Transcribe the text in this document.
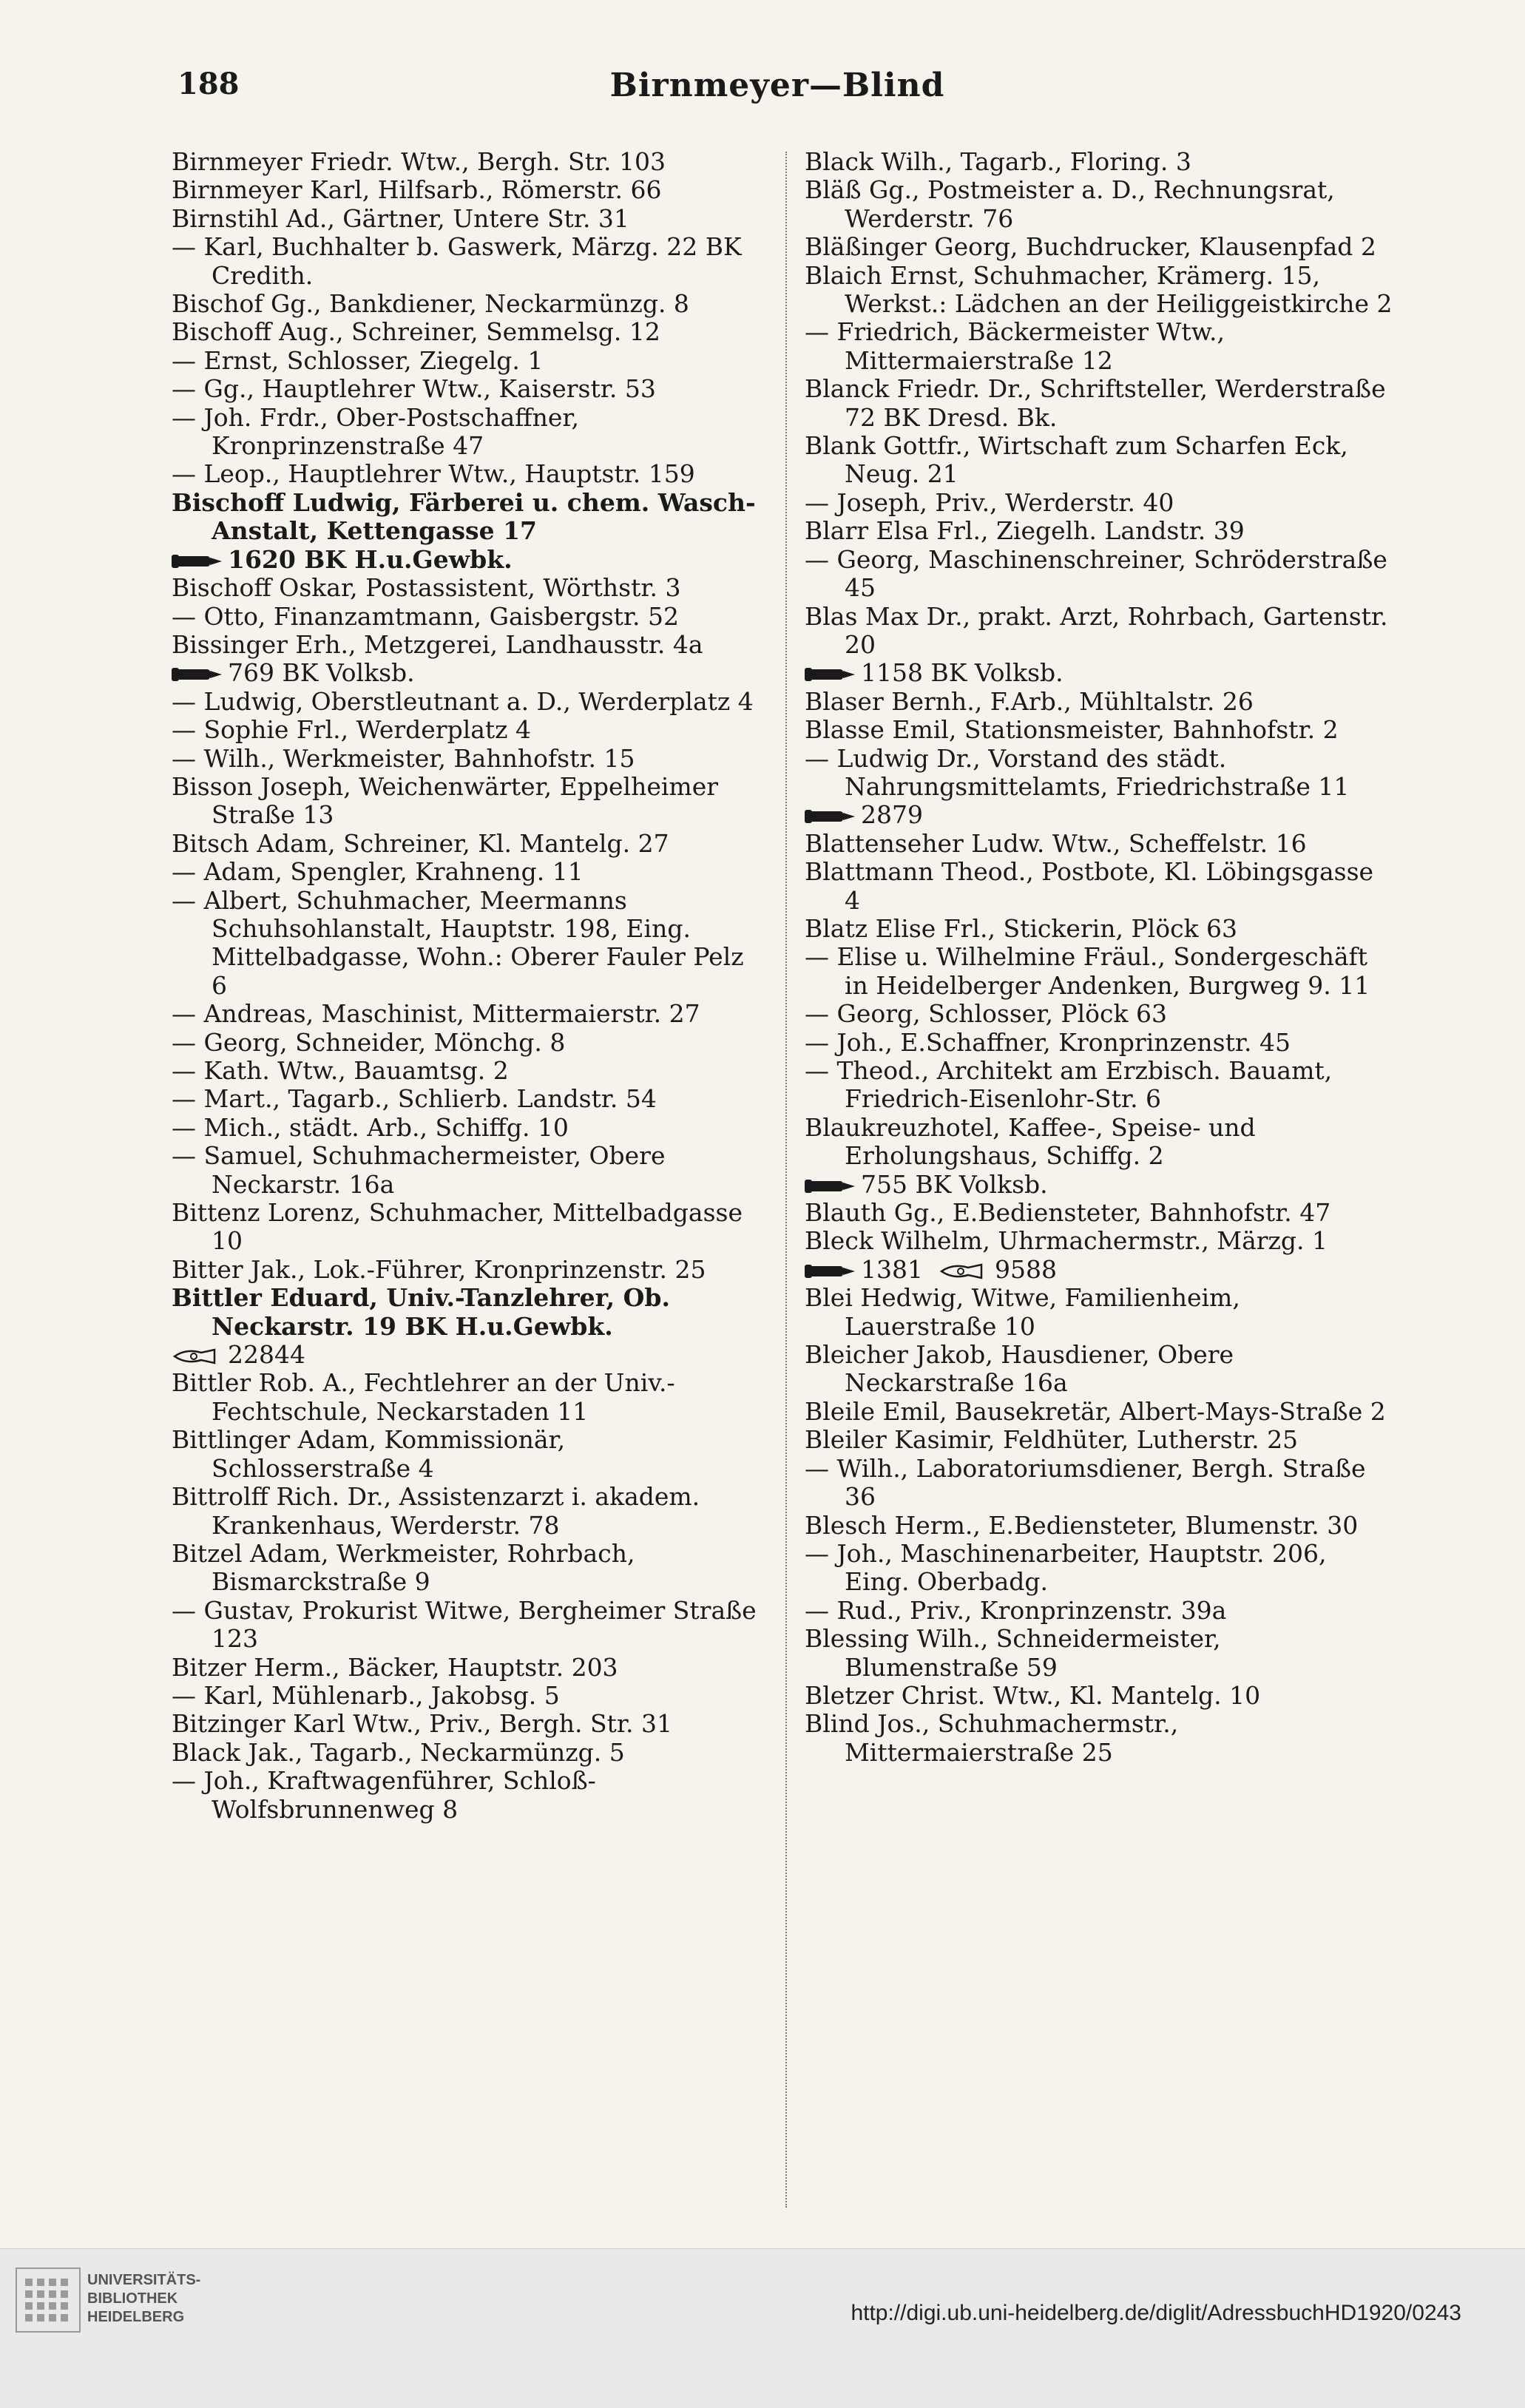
188	Birnmeyer—Blind
Birnmeyer Friedr. Wtw., Bergh. Str. 103
Birnmeyer Karl, Hilfsarb., Römerstr. 66
Birnstihl Ad., Gärtner, Untere Str. 31
— Karl, Buchhalter b. Gaswerk, Märzg. 22 BK Credith.
Bischof Gg., Bankdiener, Neckarmünzg. 8
Bischoff Aug., Schreiner, Semmelsg. 12
— Ernst, Schlosser, Ziegelg. 1
— Gg., Hauptlehrer Wtw., Kaiserstr. 53
— Joh. Frdr., Ober-Postschaffner, Kronprinzenstraße 47
— Leop., Hauptlehrer Wtw., Hauptstr. 159
Bischoff Ludwig, Färberei u. chem. Wasch-Anstalt, Kettengasse 17
1620 BK H.u.Gewbk.
Bischoff Oskar, Postassistent, Wörthstr. 3
— Otto, Finanzamtmann, Gaisbergstr. 52
Bissinger Erh., Metzgerei, Landhausstr. 4a
769 BK Volksb.
— Ludwig, Oberstleutnant a. D., Werderplatz 4
— Sophie Frl., Werderplatz 4
— Wilh., Werkmeister, Bahnhofstr. 15
Bisson Joseph, Weichenwärter, Eppelheimer Straße 13
Bitsch Adam, Schreiner, Kl. Mantelg. 27
— Adam, Spengler, Krahneng. 11
— Albert, Schuhmacher, Meermanns Schuhsohlanstalt, Hauptstr. 198, Eing. Mittelbadgasse, Wohn.: Oberer Fauler Pelz 6
— Andreas, Maschinist, Mittermaierstr. 27
— Georg, Schneider, Mönchg. 8
— Kath. Wtw., Bauamtsg. 2
— Mart., Tagarb., Schlierb. Landstr. 54
— Mich., städt. Arb., Schiffg. 10
— Samuel, Schuhmachermeister, Obere Neckarstr. 16a
Bittenz Lorenz, Schuhmacher, Mittelbadgasse 10
Bitter Jak., Lok.-Führer, Kronprinzenstr. 25
Bittler Eduard, Univ.-Tanzlehrer, Ob. Neckarstr. 19 BK H.u.Gewbk.
22844
Bittler Rob. A., Fechtlehrer an der Univ.-Fechtschule, Neckarstaden 11
Bittlinger Adam, Kommissionär, Schlosserstraße 4
Bittrolff Rich. Dr., Assistenzarzt i. akadem. Krankenhaus, Werderstr. 78
Bitzel Adam, Werkmeister, Rohrbach, Bismarckstraße 9
— Gustav, Prokurist Witwe, Bergheimer Straße 123
Bitzer Herm., Bäcker, Hauptstr. 203
— Karl, Mühlenarb., Jakobsg. 5
Bitzinger Karl Wtw., Priv., Bergh. Str. 31
Black Jak., Tagarb., Neckarmünzg. 5
— Joh., Kraftwagenführer, Schloß-Wolfsbrunnenweg 8
Black Wilh., Tagarb., Floring. 3
Bläß Gg., Postmeister a. D., Rechnungsrat, Werderstr. 76
Bläßinger Georg, Buchdrucker, Klausenpfad 2
Blaich Ernst, Schuhmacher, Krämerg. 15, Werkst.: Lädchen an der Heiliggeistkirche 2
— Friedrich, Bäckermeister Wtw., Mittermaierstraße 12
Blanck Friedr. Dr., Schriftsteller, Werderstraße 72 BK Dresd. Bk.
Blank Gottfr., Wirtschaft zum Scharfen Eck, Neug. 21
— Joseph, Priv., Werderstr. 40
Blarr Elsa Frl., Ziegelh. Landstr. 39
— Georg, Maschinenschreiner, Schröderstraße 45
Blas Max Dr., prakt. Arzt, Rohrbach, Gartenstr. 20
1158 BK Volksb.
Blaser Bernh., F.Arb., Mühltalstr. 26
Blasse Emil, Stationsmeister, Bahnhofstr. 2
— Ludwig Dr., Vorstand des städt. Nahrungsmittelamts, Friedrichstraße 11
2879
Blattenseher Ludw. Wtw., Scheffelstr. 16
Blattmann Theod., Postbote, Kl. Löbingsgasse 4
Blatz Elise Frl., Stickerin, Plöck 63
— Elise u. Wilhelmine Fräul., Sondergeschäft in Heidelberger Andenken, Burgweg 9. 11
— Georg, Schlosser, Plöck 63
— Joh., E.Schaffner, Kronprinzenstr. 45
— Theod., Architekt am Erzbisch. Bauamt, Friedrich-Eisenlohr-Str. 6
Blaukreuzhotel, Kaffee-, Speise- und Erholungshaus, Schiffg. 2
755 BK Volksb.
Blauth Gg., E.Bediensteter, Bahnhofstr. 47
Bleck Wilhelm, Uhrmachermstr., Märzg. 1
1381	9588
Blei Hedwig, Witwe, Familienheim, Lauerstraße 10
Bleicher Jakob, Hausdiener, Obere Neckarstraße 16a
Bleile Emil, Bausekretär, Albert-Mays-Straße 2
Bleiler Kasimir, Feldhüter, Lutherstr. 25
— Wilh., Laboratoriumsdiener, Bergh. Straße 36
Blesch Herm., E.Bediensteter, Blumenstr. 30
— Joh., Maschinenarbeiter, Hauptstr. 206, Eing. Oberbadg.
— Rud., Priv., Kronprinzenstr. 39a
Blessing Wilh., Schneidermeister, Blumenstraße 59
Bletzer Christ. Wtw., Kl. Mantelg. 10
Blind Jos., Schuhmachermstr., Mittermaierstraße 25
UNIVERSITÄTS-
BIBLIOTHEK
HEIDELBERG	http://digi.ub.uni-heidelberg.de/diglit/AdressbuchHD1920/0243
